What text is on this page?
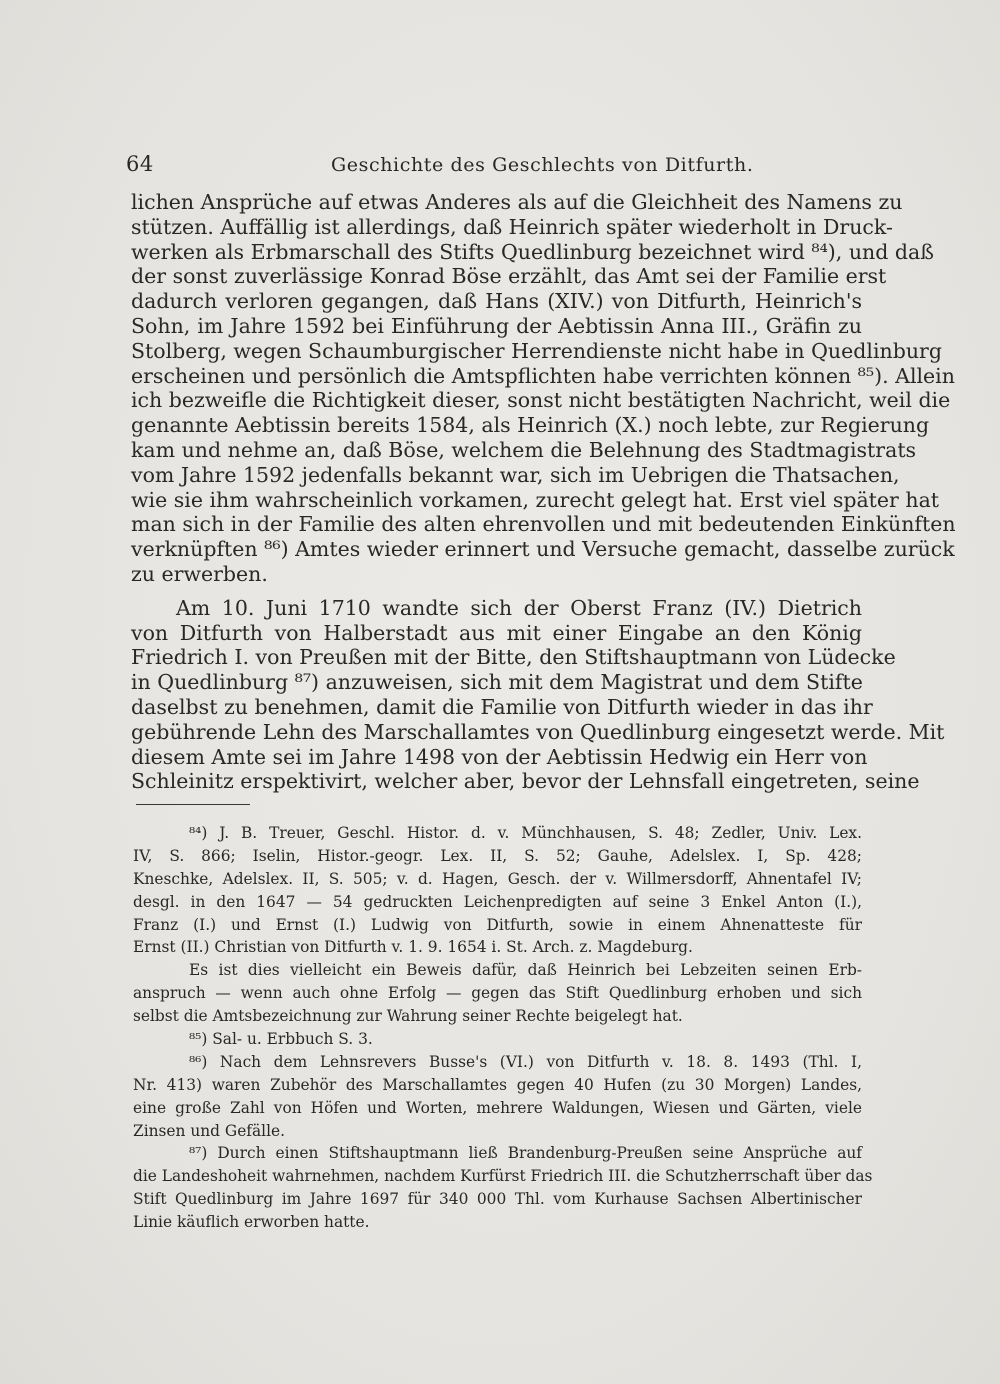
64	Geschichte des Geschlechts von Ditfurth.
lichen Ansprüche auf etwas Anderes als auf die Gleichheit des Namens zu
stützen. Auffällig ist allerdings, daß Heinrich später wiederholt in Druck-
werken als Erbmarschall des Stifts Quedlinburg bezeichnet wird ⁸⁴), und daß
der sonst zuverlässige Konrad Böse erzählt, das Amt sei der Familie erst
dadurch verloren gegangen, daß Hans (XIV.) von Ditfurth, Heinrich's
Sohn, im Jahre 1592 bei Einführung der Aebtissin Anna III., Gräfin zu
Stolberg, wegen Schaumburgischer Herrendienste nicht habe in Quedlinburg
erscheinen und persönlich die Amtspflichten habe verrichten können ⁸⁵). Allein
ich bezweifle die Richtigkeit dieser, sonst nicht bestätigten Nachricht, weil die
genannte Aebtissin bereits 1584, als Heinrich (X.) noch lebte, zur Regierung
kam und nehme an, daß Böse, welchem die Belehnung des Stadtmagistrats
vom Jahre 1592 jedenfalls bekannt war, sich im Uebrigen die Thatsachen,
wie sie ihm wahrscheinlich vorkamen, zurecht gelegt hat. Erst viel später hat
man sich in der Familie des alten ehrenvollen und mit bedeutenden Einkünften
verknüpften ⁸⁶) Amtes wieder erinnert und Versuche gemacht, dasselbe zurück
zu erwerben.
Am 10. Juni 1710 wandte sich der Oberst Franz (IV.) Dietrich
von Ditfurth von Halberstadt aus mit einer Eingabe an den König
Friedrich I. von Preußen mit der Bitte, den Stiftshauptmann von Lüdecke
in Quedlinburg ⁸⁷) anzuweisen, sich mit dem Magistrat und dem Stifte
daselbst zu benehmen, damit die Familie von Ditfurth wieder in das ihr
gebührende Lehn des Marschallamtes von Quedlinburg eingesetzt werde. Mit
diesem Amte sei im Jahre 1498 von der Aebtissin Hedwig ein Herr von
Schleinitz erspektivirt, welcher aber, bevor der Lehnsfall eingetreten, seine
⁸⁴) J. B. Treuer, Geschl. Histor. d. v. Münchhausen, S. 48; Zedler, Univ. Lex.
IV, S. 866; Iselin, Histor.-geogr. Lex. II, S. 52; Gauhe, Adelslex. I, Sp. 428;
Kneschke, Adelslex. II, S. 505; v. d. Hagen, Gesch. der v. Willmersdorff, Ahnentafel IV;
desgl. in den 1647 — 54 gedruckten Leichenpredigten auf seine 3 Enkel Anton (I.),
Franz (I.) und Ernst (I.) Ludwig von Ditfurth, sowie in einem Ahnenatteste für
Ernst (II.) Christian von Ditfurth v. 1. 9. 1654 i. St. Arch. z. Magdeburg.
Es ist dies vielleicht ein Beweis dafür, daß Heinrich bei Lebzeiten seinen Erb-
anspruch — wenn auch ohne Erfolg — gegen das Stift Quedlinburg erhoben und sich
selbst die Amtsbezeichnung zur Wahrung seiner Rechte beigelegt hat.
⁸⁵) Sal- u. Erbbuch S. 3.
⁸⁶) Nach dem Lehnsrevers Busse's (VI.) von Ditfurth v. 18. 8. 1493 (Thl. I,
Nr. 413) waren Zubehör des Marschallamtes gegen 40 Hufen (zu 30 Morgen) Landes,
eine große Zahl von Höfen und Worten, mehrere Waldungen, Wiesen und Gärten, viele
Zinsen und Gefälle.
⁸⁷) Durch einen Stiftshauptmann ließ Brandenburg-Preußen seine Ansprüche auf
die Landeshoheit wahrnehmen, nachdem Kurfürst Friedrich III. die Schutzherrschaft über das
Stift Quedlinburg im Jahre 1697 für 340 000 Thl. vom Kurhause Sachsen Albertinischer
Linie käuflich erworben hatte.
